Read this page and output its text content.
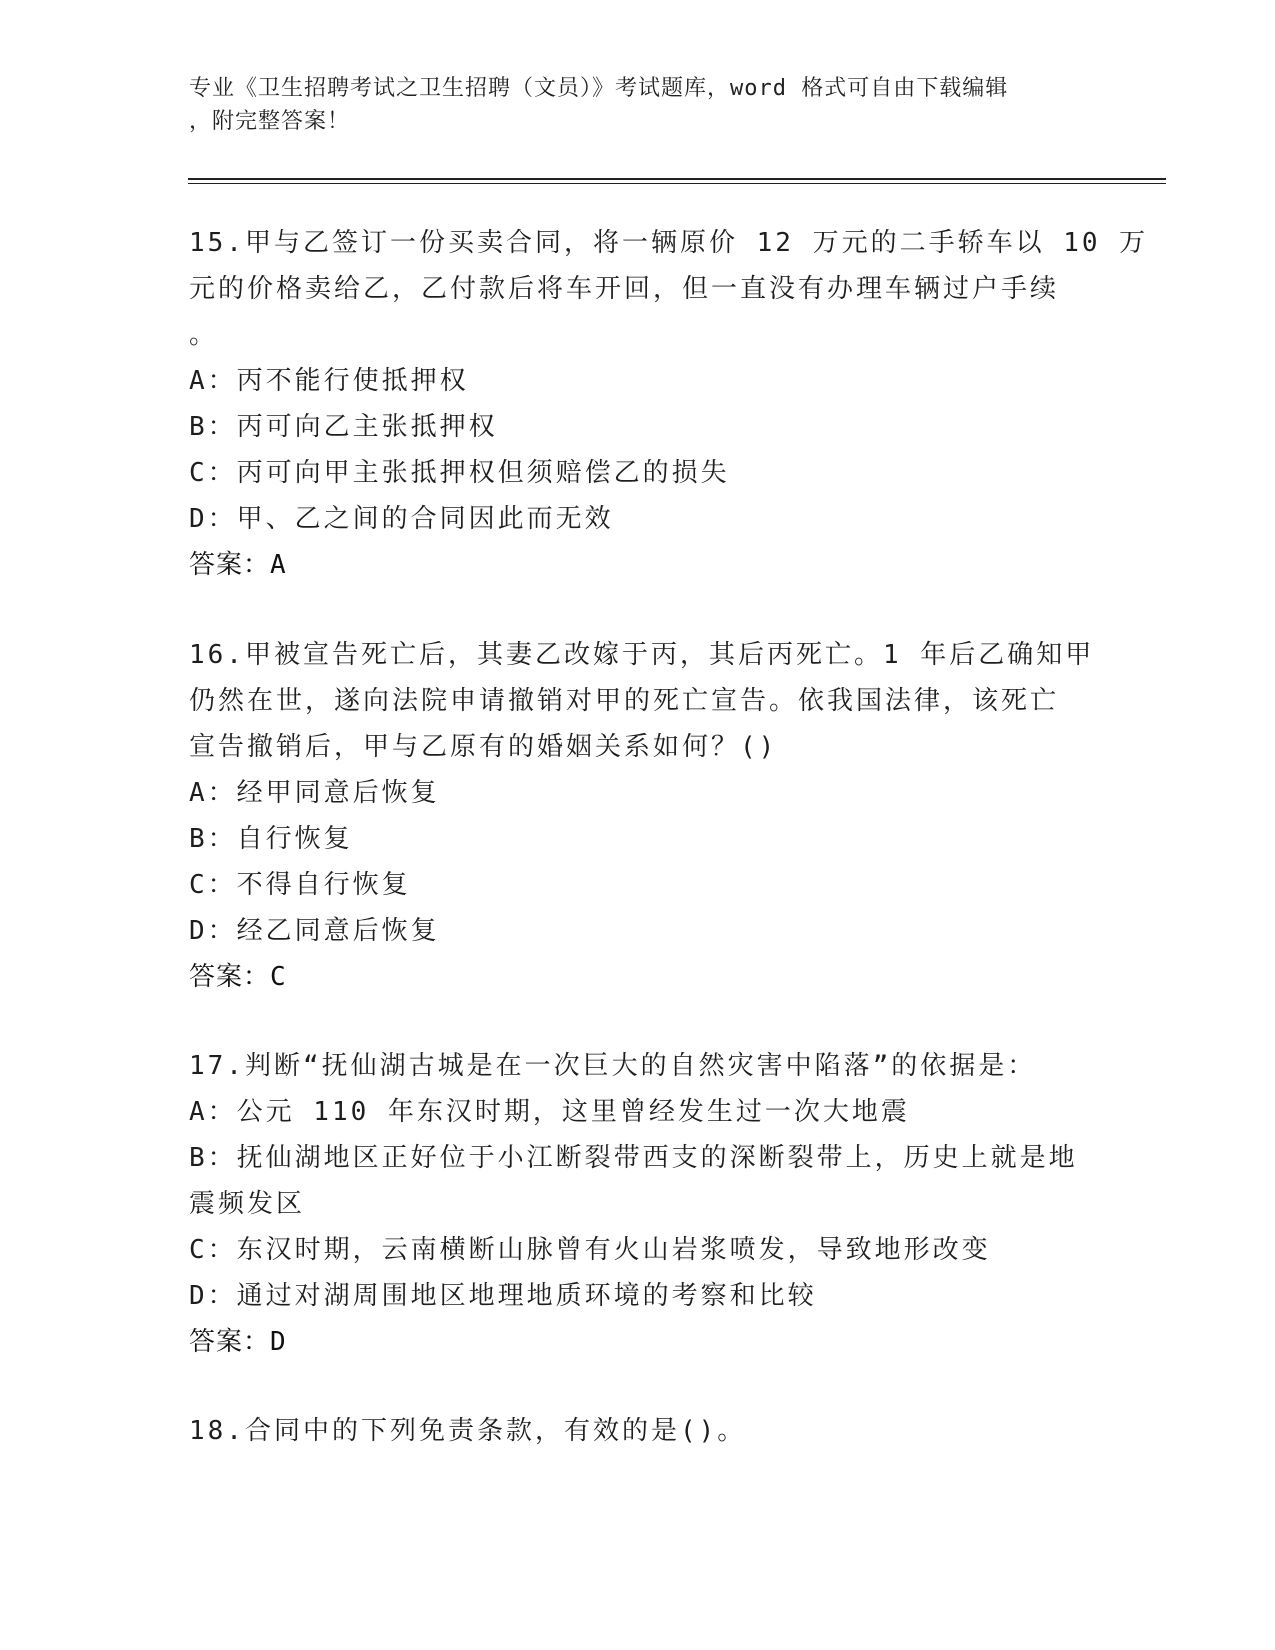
专业《卫生招聘考试之卫生招聘（文员）》考试题库，word 格式可自由下载编辑
，附完整答案！
15.甲与乙签订一份买卖合同，将一辆原价 12 万元的二手轿车以 10 万
元的价格卖给乙，乙付款后将车开回，但一直没有办理车辆过户手续
。
A：丙不能行使抵押权
B：丙可向乙主张抵押权
C：丙可向甲主张抵押权但须赔偿乙的损失
D：甲、乙之间的合同因此而无效
答案：A
16.甲被宣告死亡后，其妻乙改嫁于丙，其后丙死亡。1 年后乙确知甲
仍然在世，遂向法院申请撤销对甲的死亡宣告。依我国法律，该死亡
宣告撤销后，甲与乙原有的婚姻关系如何？()
A：经甲同意后恢复
B：自行恢复
C：不得自行恢复
D：经乙同意后恢复
答案：C
17.判断“抚仙湖古城是在一次巨大的自然灾害中陷落”的依据是：
A：公元 110 年东汉时期，这里曾经发生过一次大地震
B：抚仙湖地区正好位于小江断裂带西支的深断裂带上，历史上就是地
震频发区
C：东汉时期，云南横断山脉曾有火山岩浆喷发，导致地形改变
D：通过对湖周围地区地理地质环境的考察和比较
答案：D
18.合同中的下列免责条款，有效的是()。
